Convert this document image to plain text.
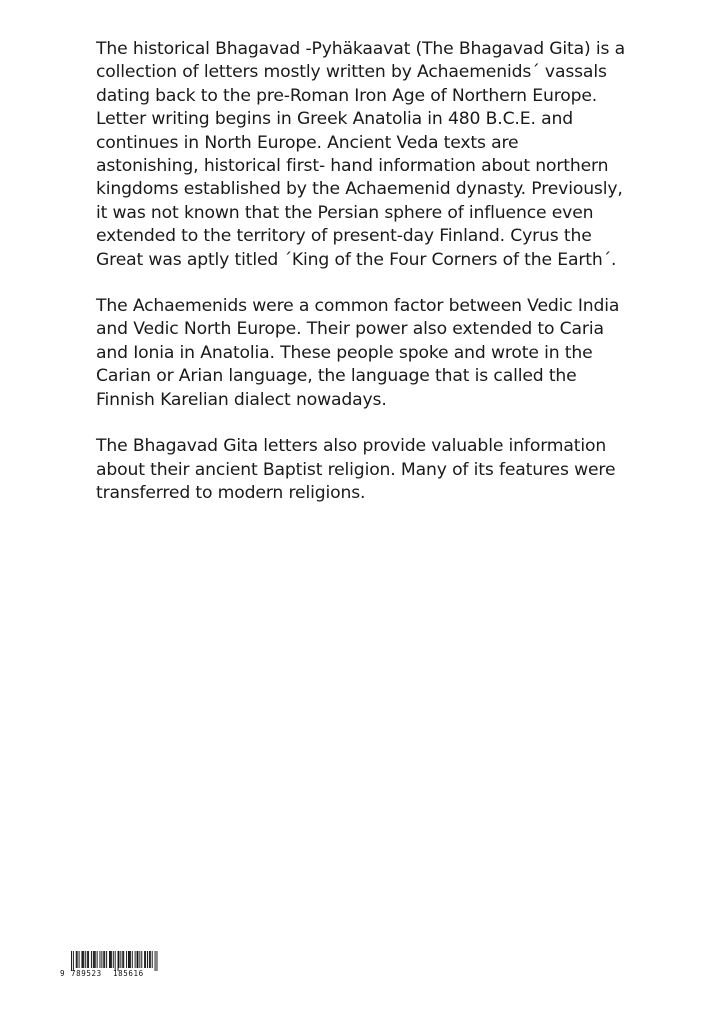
The historical Bhagavad -Pyhäkaavat (The Bhagavad Gita) is a
collection of letters mostly written by Achaemenids´ vassals
dating back to the pre-Roman Iron Age of Northern Europe.
Letter writing begins in Greek Anatolia in 480 B.C.E. and
continues in North Europe. Ancient Veda texts are
astonishing, historical first- hand information about northern
kingdoms established by the Achaemenid dynasty. Previously,
it was not known that the Persian sphere of influence even
extended to the territory of present-day Finland. Cyrus the
Great was aptly titled ´King of the Four Corners of the Earth´.

The Achaemenids were a common factor between Vedic India
and Vedic North Europe. Their power also extended to Caria
and Ionia in Anatolia. These people spoke and wrote in the
Carian or Arian language, the language that is called the
Finnish Karelian dialect nowadays.

The Bhagavad Gita letters also provide valuable information
about their ancient Baptist religion. Many of its features were
transferred to modern religions.

9 789523	185616
